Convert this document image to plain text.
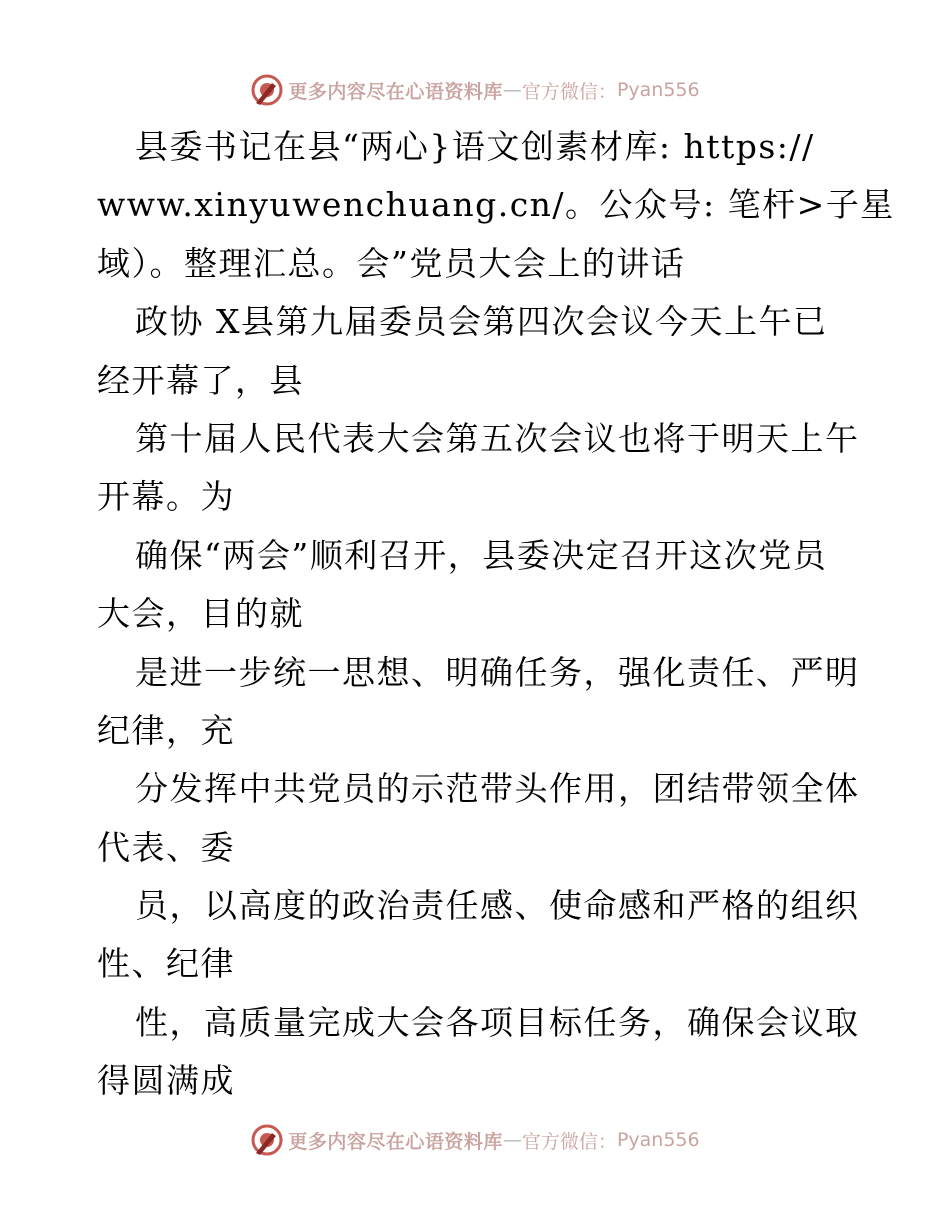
更多内容尽在心语资料库 — 官方微信： Pyan556
县委书记在县“两心}语文创素材库: https://
www.xinyuwenchuang.cn/。公众号: 笔杆>子星
域）。整理汇总。会”党员大会上的讲话
政协 X县第九届委员会第四次会议今天上午已
经开幕了，县
第十届人民代表大会第五次会议也将于明天上午
开幕。为
确保“两会”顺利召开，县委决定召开这次党员
大会，目的就
是进一步统一思想、明确任务，强化责任、严明
纪律，充
分发挥中共党员的示范带头作用，团结带领全体
代表、委
员，以高度的政治责任感、使命感和严格的组织
性、纪律
性，高质量完成大会各项目标任务，确保会议取
得圆满成
更多内容尽在心语资料库 — 官方微信： Pyan556
